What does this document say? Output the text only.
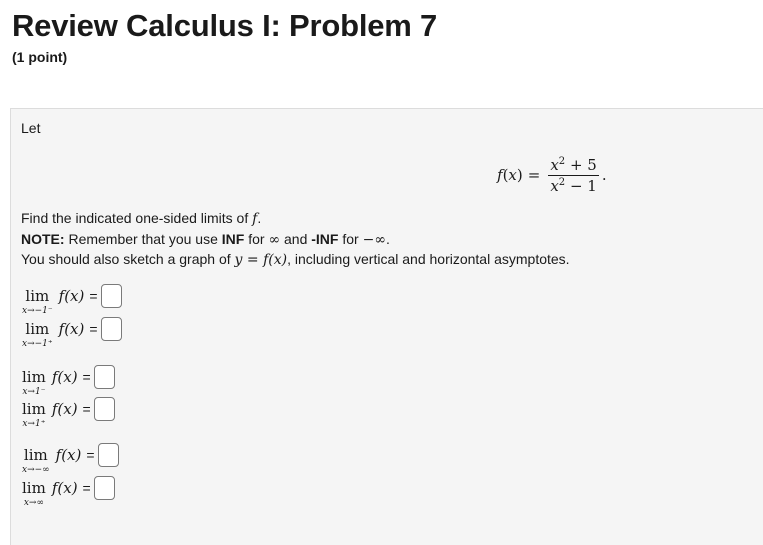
Review Calculus I: Problem 7
(1 point)
Let
f ( x ) = $\frac{x^2 + 5}{x^2 - 1}$ .
Find the indicated one-sided limits of f.
NOTE: Remember that you use INF for ∞ and -INF for −∞.
You should also sketch a graph of y = f(x), including vertical and horizontal asymptotes.
lim
x→−1⁻
f(x) =
lim
x→−1⁺
f(x) =
lim
x→1⁻
f(x) =
lim
x→1⁺
f(x) =
lim
x→−∞
f(x) =
lim
x→∞
f(x) =
